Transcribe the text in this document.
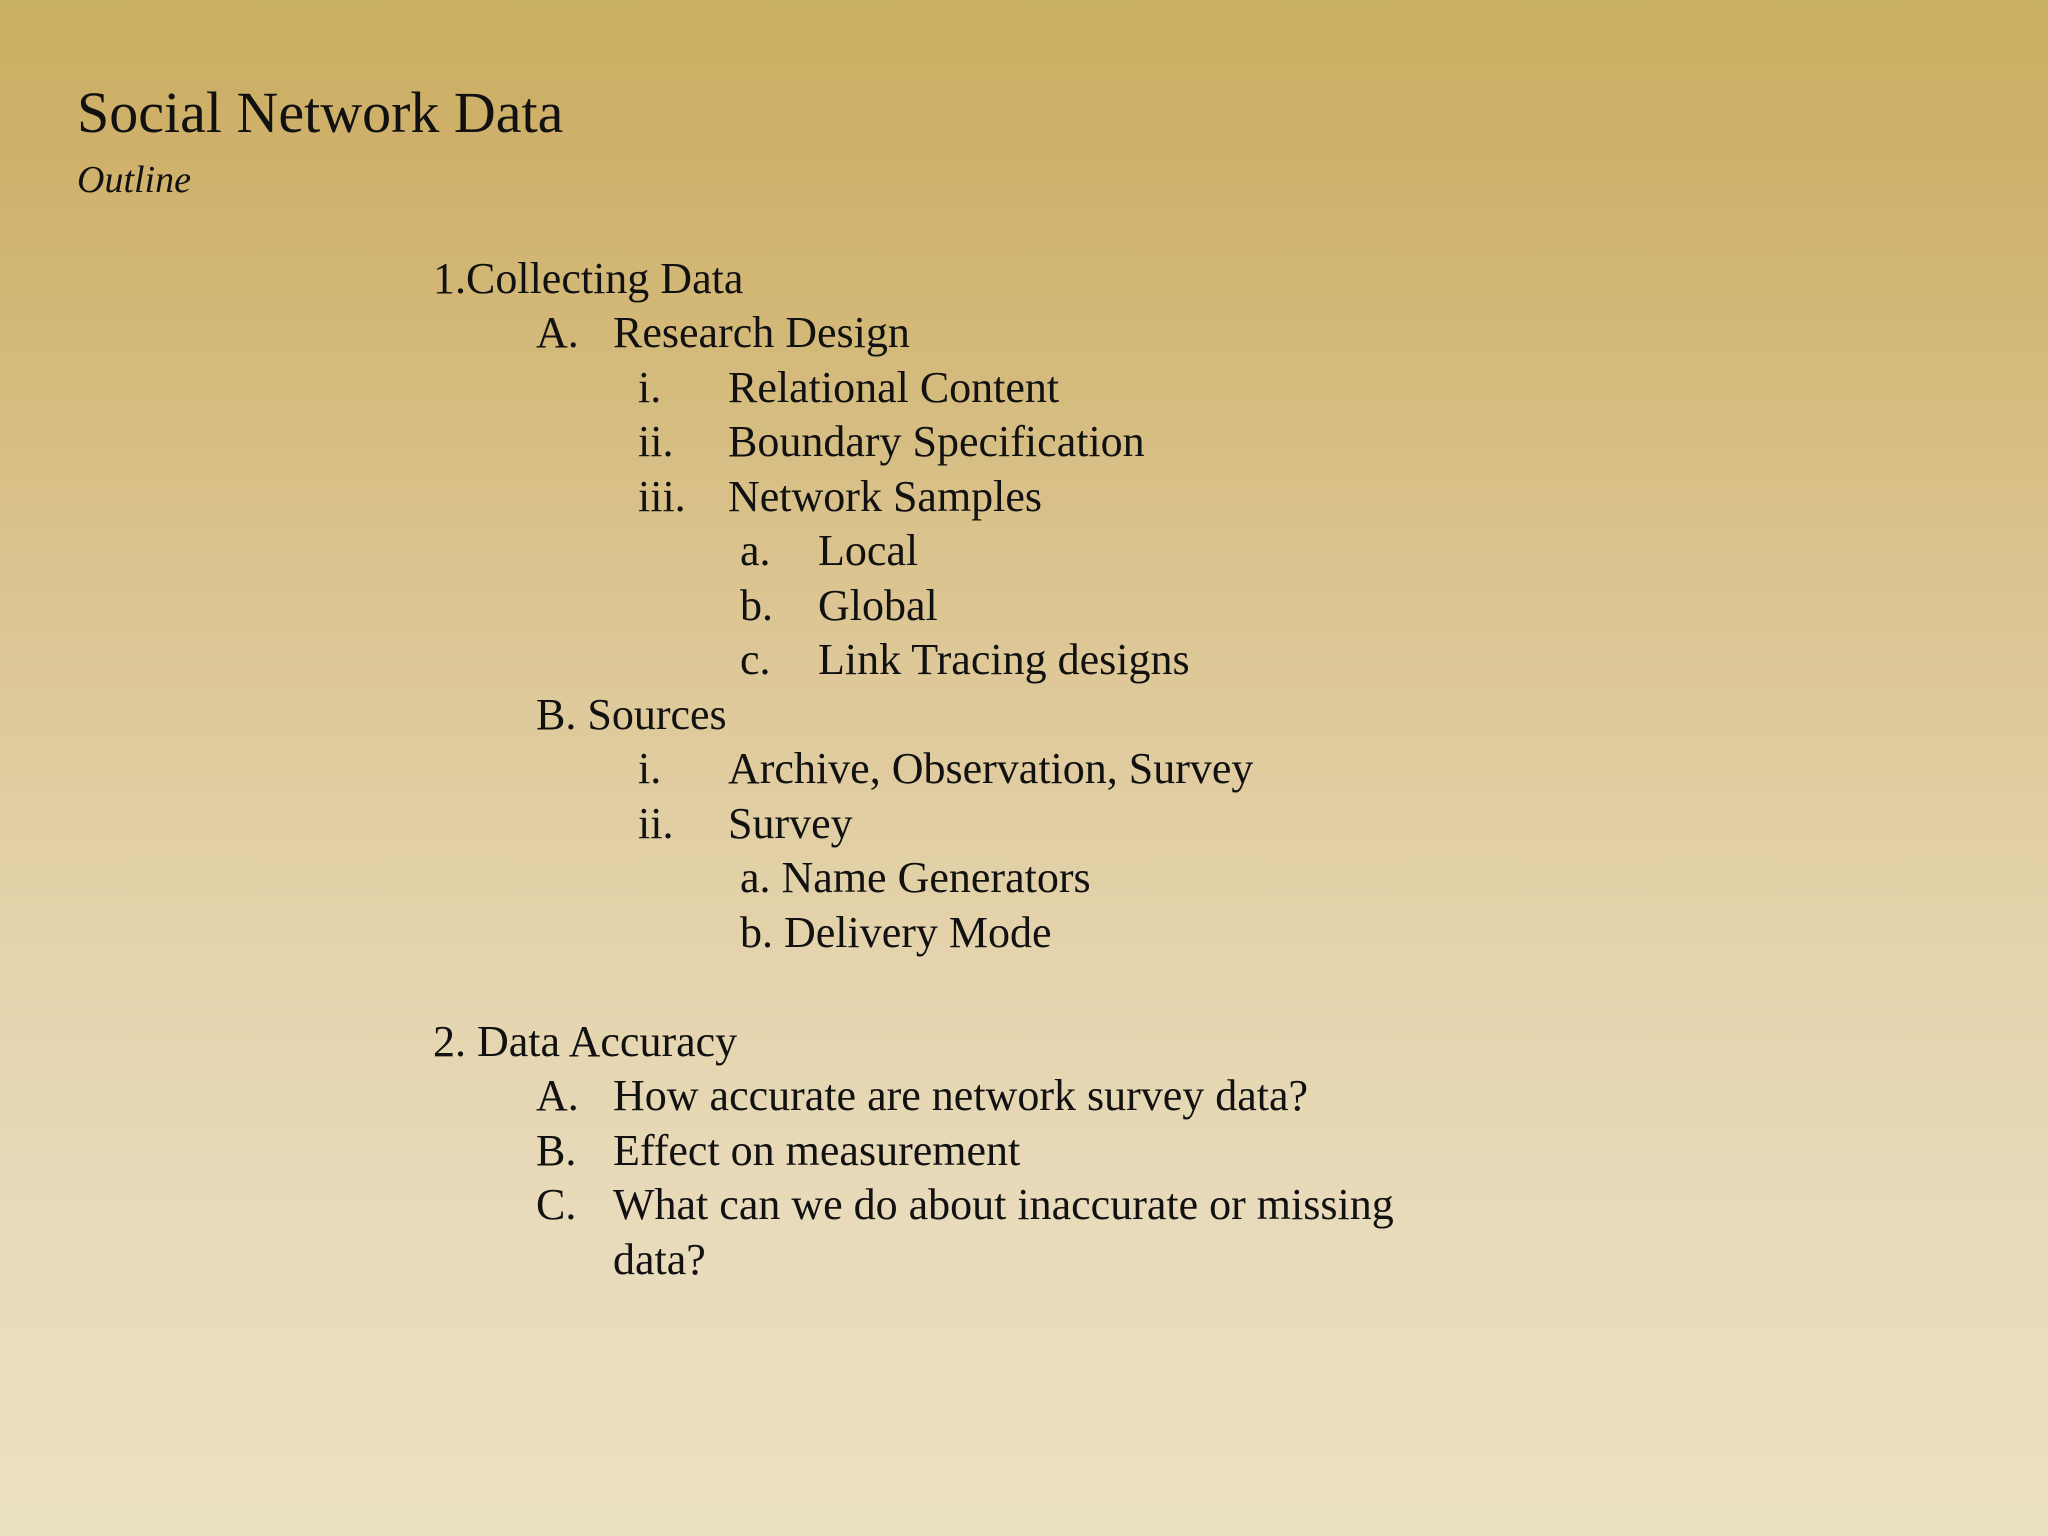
Social Network Data
Outline
1.Collecting Data
A. Research Design
i. Relational Content
ii. Boundary Specification
iii. Network Samples
a. Local
b. Global
c. Link Tracing designs
B. Sources
i. Archive, Observation, Survey
ii. Survey
a. Name Generators
b. Delivery Mode
2. Data Accuracy
A. How accurate are network survey data?
B. Effect on measurement
C. What can we do about inaccurate or missing
data?
